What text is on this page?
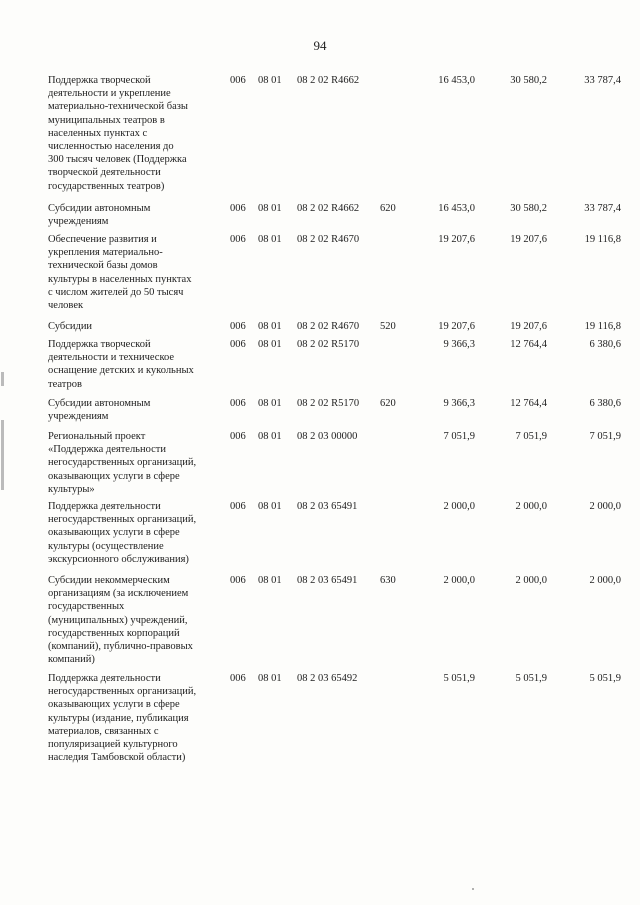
94
Поддержка творческой
деятельности и укрепление
материально-технической базы
муниципальных театров в
населенных пунктах с
численностью населения до
300 тысяч человек (Поддержка
творческой деятельности
государственных театров)
006 08 01 08 2 02 R4662	16 453,0	30 580,2	33 787,4
Субсидии автономным
учреждениям
006 08 01 08 2 02 R4662 620	16 453,0	30 580,2	33 787,4
Обеспечение развития и
укрепления материально-
технической базы домов
культуры в населенных пунктах
с числом жителей до 50 тысяч
человек
006 08 01 08 2 02 R4670	19 207,6	19 207,6	19 116,8
Субсидии	006 08 01 08 2 02 R4670 520	19 207,6	19 207,6	19 116,8
Поддержка творческой
деятельности и техническое
оснащение детских и кукольных
театров
006 08 01 08 2 02 R5170	9 366,3	12 764,4	6 380,6
Субсидии автономным
учреждениям
006 08 01 08 2 02 R5170 620	9 366,3	12 764,4	6 380,6
Региональный проект
«Поддержка деятельности
негосударственных организаций,
оказывающих услуги в сфере
культуры»
006 08 01 08 2 03 00000	7 051,9	7 051,9	7 051,9
Поддержка деятельности
негосударственных организаций,
оказывающих услуги в сфере
культуры (осуществление
экскурсионного обслуживания)
006 08 01 08 2 03 65491	2 000,0	2 000,0	2 000,0
Субсидии некоммерческим
организациям (за исключением
государственных
(муниципальных) учреждений,
государственных корпораций
(компаний), публично-правовых
компаний)
006 08 01 08 2 03 65491 630	2 000,0	2 000,0	2 000,0
Поддержка деятельности
негосударственных организаций,
оказывающих услуги в сфере
культуры (издание, публикация
материалов, связанных с
популяризацией культурного
наследия Тамбовской области)
006 08 01 08 2 03 65492	5 051,9	5 051,9	5 051,9
